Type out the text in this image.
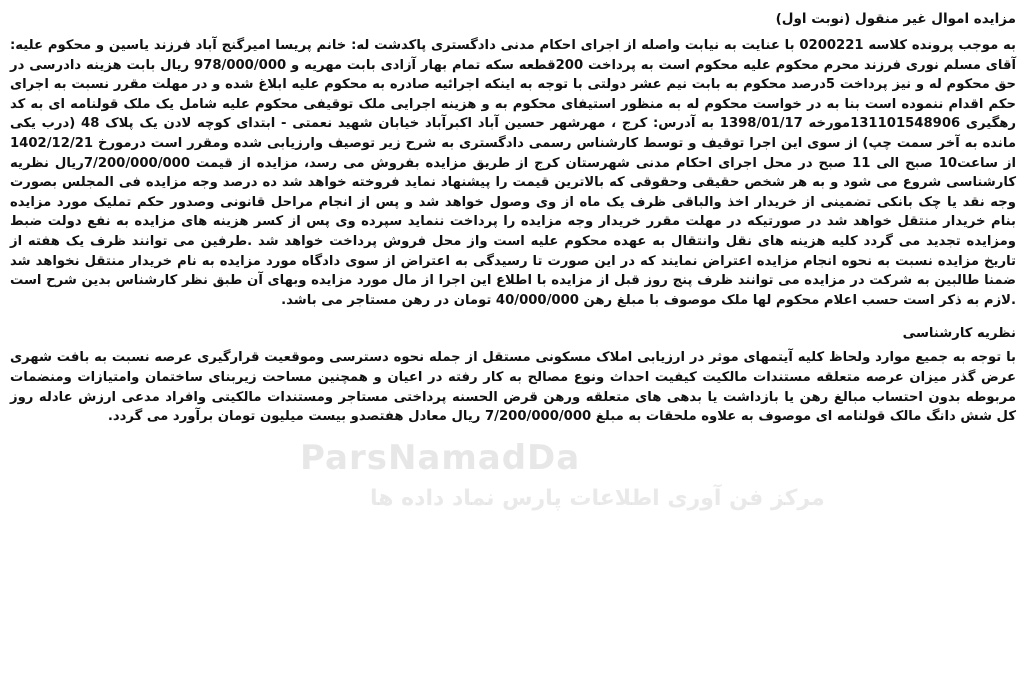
مزایده اموال غیر منقول (نوبت اول)

به موجب پرونده کلاسه 0200221 با عنایت به نیابت واصله از اجرای احکام مدنی دادگستری پاکدشت له: خانم پریسا امیرگنج آباد فرزند یاسین و محکوم علیه: آقای مسلم نوری فرزند محرم محکوم علیه محکوم است به پرداخت 200قطعه سکه تمام بهار آزادی بابت مهریه و 978/000/000 ریال بابت هزینه دادرسی در حق محکوم له و نیز پرداخت 5درصد محکوم به بابت نیم عشر دولتی با توجه به اینکه اجرائیه صادره به محکوم علیه ابلاغ شده و در مهلت مقرر نسبت به اجرای حکم اقدام ننموده است بنا به در خواست محکوم له به منظور استیفای محکوم به و هزینه اجرایی ملک توقیفی محکوم علیه شامل یک ملک قولنامه ای به کد رهگیری 131101548906مورخه 1398/01/17 به آدرس: کرج ، مهرشهر حسین آباد اکبرآباد خیابان شهید نعمتی - ابتدای کوچه لادن یک پلاک 48 (درب یکی مانده به آخر سمت چپ) از سوی این اجرا توقیف و توسط کارشناس رسمی دادگستری به شرح زیر توصیف وارزیابی شده ومقرر است درمورخ 1402/12/21 از ساعت10 صبح الی 11 صبح در محل اجرای احکام مدنی شهرستان کرج از طریق مزایده بفروش می رسد، مزایده از قیمت 7/200/000/000ریال نظریه کارشناسی شروع می شود و به هر شخص حقیقی وحقوقی که بالاترین قیمت را پیشنهاد نماید فروخته خواهد شد ده درصد وجه مزایده فی المجلس بصورت وجه نقد یا چک بانکی تضمینی از خریدار اخذ والباقی ظرف یک ماه از وی وصول خواهد شد و پس از انجام مراحل قانونی وصدور حکم تملیک مورد مزایده بنام خریدار منتقل خواهد شد در صورتیکه در مهلت مقرر خریدار وجه مزایده را پرداخت ننماید سپرده وی پس از کسر هزینه های مزایده به نفع دولت ضبط ومزایده تجدید می گردد کلیه هزینه های نقل وانتقال به عهده محکوم علیه است واز محل فروش پرداخت خواهد شد .طرفین می توانند ظرف یک هفته از تاریخ مزایده نسبت به نحوه انجام مزایده اعتراض نمایند که در این صورت تا رسیدگی به اعتراض از سوی دادگاه مورد مزایده به نام خریدار منتقل نخواهد شد ضمنا طالبین به شرکت در مزایده می توانند ظرف پنج روز قبل از مزایده با اطلاع این اجرا از مال مورد مزایده وبهای آن طبق نظر کارشناس بدین شرح است .لازم به ذکر است حسب اعلام محکوم لها ملک موصوف با مبلغ رهن 40/000/000 تومان در رهن مستاجر می باشد.

نظریه کارشناسی

با توجه به جمیع موارد ولحاظ کلیه آیتمهای موثر در ارزیابی املاک مسکونی مستقل از جمله نحوه دسترسی وموقعیت قرارگیری عرصه نسبت به بافت شهری عرض گذر میزان عرصه متعلقه مستندات مالکیت کیفیت احداث ونوع مصالح به کار رفته در اعیان و همچنین مساحت زیربنای ساختمان وامتیازات ومنضمات مربوطه بدون احتساب مبالغ رهن یا بازداشت یا بدهی های متعلقه ورهن قرض الحسنه پرداختی مستاجر ومستندات مالکیتی وافراد مدعی ارزش عادله روز کل شش دانگ مالک قولنامه ای موصوف به علاوه ملحقات به مبلغ 7/200/000/000 ریال معادل هفتصدو بیست میلیون تومان برآورد می گردد.

ParsNamadDa
مرکز فن آوری اطلاعات پارس نماد داده ها
